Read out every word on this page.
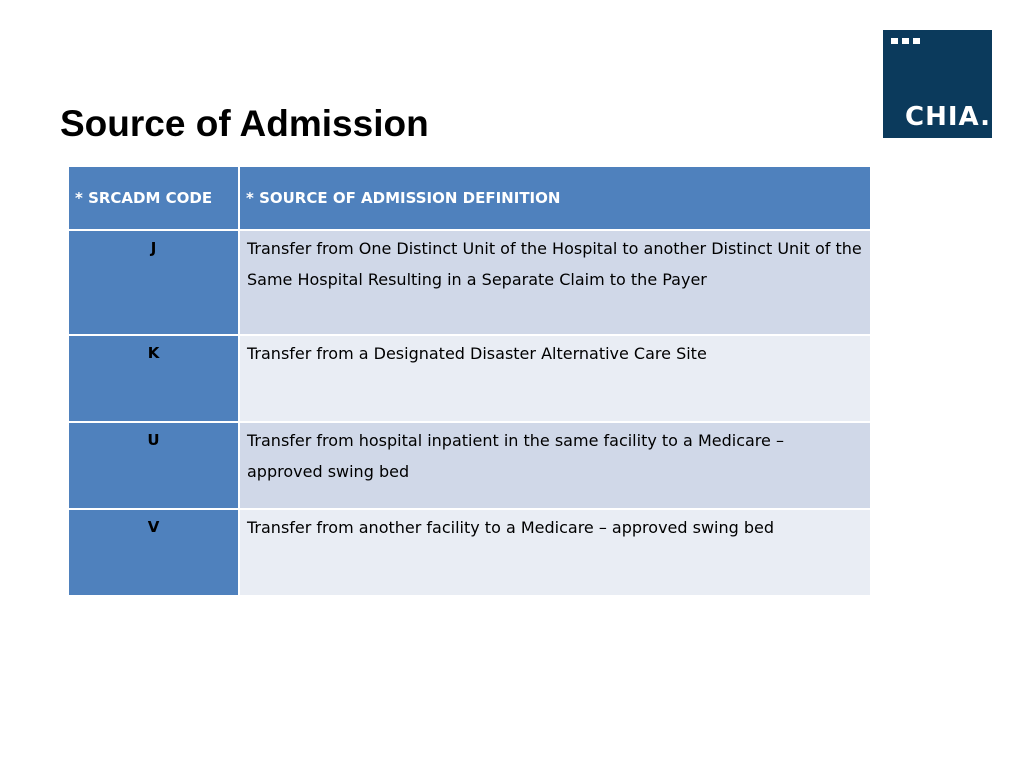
Source of Admission	CHIA.
* SRCADM CODE	* SOURCE OF ADMISSION DEFINITION
J	Transfer from One Distinct Unit of the Hospital to another Distinct Unit of the Same Hospital Resulting in a Separate Claim to the Payer
K	Transfer from a Designated Disaster Alternative Care Site
U	Transfer from hospital inpatient in the same facility to a Medicare – approved swing bed
V	Transfer from another facility to a Medicare – approved swing bed
